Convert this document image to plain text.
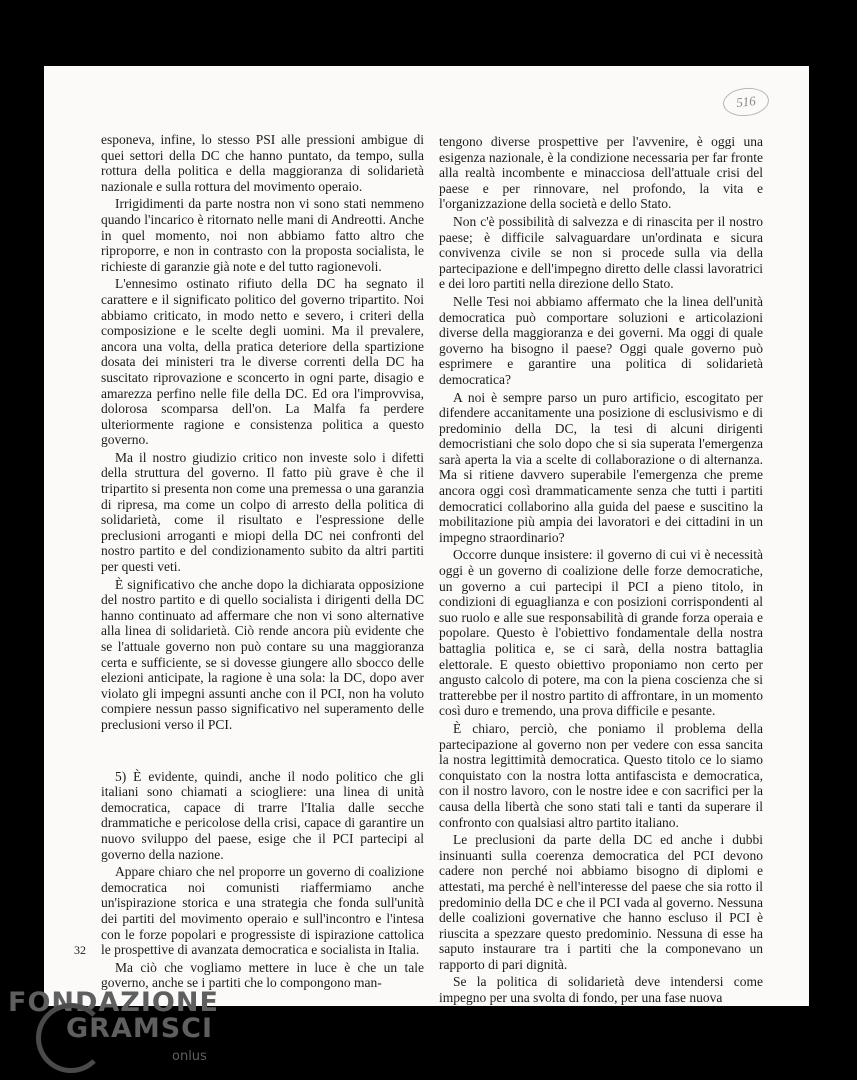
516

esponeva, infine, lo stesso PSI alle pressioni ambigue di quei settori della DC che hanno puntato, da tempo, sulla rottura della politica e della maggioranza di solidarietà nazionale e sulla rottura del movimento operaio.

Irrigidimenti da parte nostra non vi sono stati nemmeno quando l'incarico è ritornato nelle mani di Andreotti. Anche in quel momento, noi non abbiamo fatto altro che riproporre, e non in contrasto con la proposta socialista, le richieste di garanzie già note e del tutto ragionevoli.

L'ennesimo ostinato rifiuto della DC ha segnato il carattere e il significato politico del governo tripartito. Noi abbiamo criticato, in modo netto e severo, i criteri della composizione e le scelte degli uomini. Ma il prevalere, ancora una volta, della pratica deteriore della spartizione dosata dei ministeri tra le diverse correnti della DC ha suscitato riprovazione e sconcerto in ogni parte, disagio e amarezza perfino nelle file della DC. Ed ora l'improvvisa, dolorosa scomparsa dell'on. La Malfa fa perdere ulteriormente ragione e consistenza politica a questo governo.

Ma il nostro giudizio critico non investe solo i difetti della struttura del governo. Il fatto più grave è che il tripartito si presenta non come una premessa o una garanzia di ripresa, ma come un colpo di arresto della politica di solidarietà, come il risultato e l'espressione delle preclusioni arroganti e miopi della DC nei confronti del nostro partito e del condizionamento subito da altri partiti per questi veti.

È significativo che anche dopo la dichiarata opposizione del nostro partito e di quello socialista i dirigenti della DC hanno continuato ad affermare che non vi sono alternative alla linea di solidarietà. Ciò rende ancora più evidente che se l'attuale governo non può contare su una maggioranza certa e sufficiente, se si dovesse giungere allo sbocco delle elezioni anticipate, la ragione è una sola: la DC, dopo aver violato gli impegni assunti anche con il PCI, non ha voluto compiere nessun passo significativo nel superamento delle preclusioni verso il PCI.

5) È evidente, quindi, anche il nodo politico che gli italiani sono chiamati a sciogliere: una linea di unità democratica, capace di trarre l'Italia dalle secche drammatiche e pericolose della crisi, capace di garantire un nuovo sviluppo del paese, esige che il PCI partecipi al governo della nazione.

Appare chiaro che nel proporre un governo di coalizione democratica noi comunisti riaffermiamo anche un'ispirazione storica e una strategia che fonda sull'unità dei partiti del movimento operaio e sull'incontro e l'intesa con le forze popolari e progressiste di ispirazione cattolica le prospettive di avanzata democratica e socialista in Italia.

Ma ciò che vogliamo mettere in luce è che un tale governo, anche se i partiti che lo compongono man-

tengono diverse prospettive per l'avvenire, è oggi una esigenza nazionale, è la condizione necessaria per far fronte alla realtà incombente e minacciosa dell'attuale crisi del paese e per rinnovare, nel profondo, la vita e l'organizzazione della società e dello Stato.

Non c'è possibilità di salvezza e di rinascita per il nostro paese; è difficile salvaguardare un'ordinata e sicura convivenza civile se non si procede sulla via della partecipazione e dell'impegno diretto delle classi lavoratrici e dei loro partiti nella direzione dello Stato.

Nelle Tesi noi abbiamo affermato che la linea dell'unità democratica può comportare soluzioni e articolazioni diverse della maggioranza e dei governi. Ma oggi di quale governo ha bisogno il paese? Oggi quale governo può esprimere e garantire una politica di solidarietà democratica?

A noi è sempre parso un puro artificio, escogitato per difendere accanitamente una posizione di esclusivismo e di predominio della DC, la tesi di alcuni dirigenti democristiani che solo dopo che si sia superata l'emergenza sarà aperta la via a scelte di collaborazione o di alternanza. Ma si ritiene davvero superabile l'emergenza che preme ancora oggi così drammaticamente senza che tutti i partiti democratici collaborino alla guida del paese e suscitino la mobilitazione più ampia dei lavoratori e dei cittadini in un impegno straordinario?

Occorre dunque insistere: il governo di cui vi è necessità oggi è un governo di coalizione delle forze democratiche, un governo a cui partecipi il PCI a pieno titolo, in condizioni di eguaglianza e con posizioni corrispondenti al suo ruolo e alle sue responsabilità di grande forza operaia e popolare. Questo è l'obiettivo fondamentale della nostra battaglia politica e, se ci sarà, della nostra battaglia elettorale. E questo obiettivo proponiamo non certo per angusto calcolo di potere, ma con la piena coscienza che si tratterebbe per il nostro partito di affrontare, in un momento così duro e tremendo, una prova difficile e pesante.

È chiaro, perciò, che poniamo il problema della partecipazione al governo non per vedere con essa sancita la nostra legittimità democratica. Questo titolo ce lo siamo conquistato con la nostra lotta antifascista e democratica, con il nostro lavoro, con le nostre idee e con sacrifici per la causa della libertà che sono stati tali e tanti da superare il confronto con qualsiasi altro partito italiano.

Le preclusioni da parte della DC ed anche i dubbi insinuanti sulla coerenza democratica del PCI devono cadere non perché noi abbiamo bisogno di diplomi e attestati, ma perché è nell'interesse del paese che sia rotto il predominio della DC e che il PCI vada al governo. Nessuna delle coalizioni governative che hanno escluso il PCI è riuscita a spezzare questo predominio. Nessuna di esse ha saputo instaurare tra i partiti che la componevano un rapporto di pari dignità.

Se la politica di solidarietà deve intendersi come impegno per una svolta di fondo, per una fase nuova

32
FONDAZIONE
GRAMSCI
onlus
